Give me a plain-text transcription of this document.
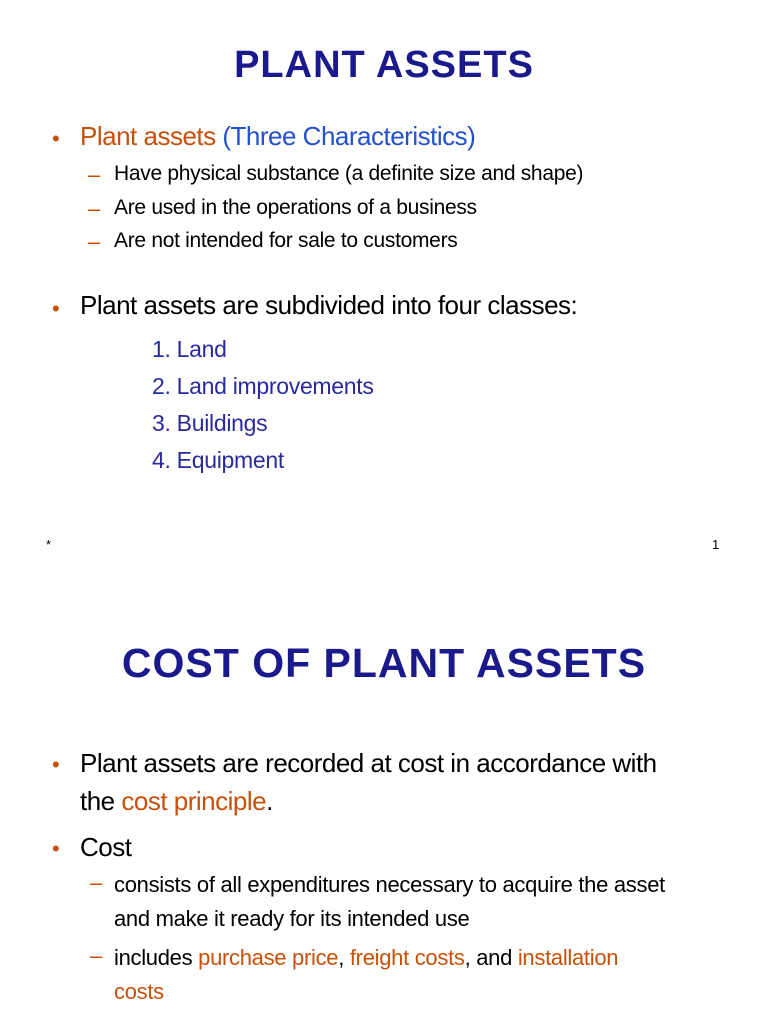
PLANT ASSETS
• Plant assets (Three Characteristics)
– Have physical substance (a definite size and shape)
– Are used in the operations of a business
– Are not intended for sale to customers
• Plant assets are subdivided into four classes:
1. Land
2. Land improvements
3. Buildings
4. Equipment
*	1
COST OF PLANT ASSETS
• Plant assets are recorded at cost in accordance with
the cost principle.
• Cost
– consists of all expenditures necessary to acquire the asset
and make it ready for its intended use
– includes purchase price, freight costs, and installation
costs
